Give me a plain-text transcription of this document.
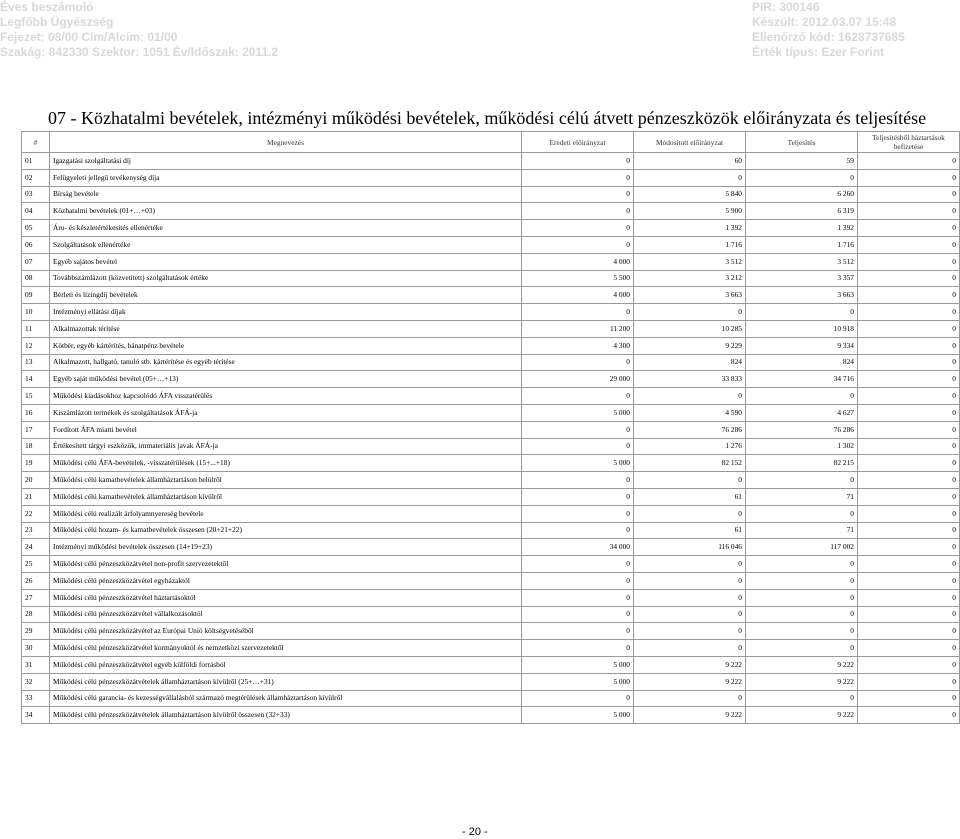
Éves beszámoló
Legfőbb Ügyészség
Fejezet: 08/00 Cím/Alcím: 01/00
Szakág: 842330 Szektor: 1051 Év/Időszak: 2011.2
PIR: 300146
Készült: 2012.03.07 15:48
Ellenőrző kód: 1628737685
Érték típus: Ezer Forint
07 - Közhatalmi bevételek, intézményi működési bevételek, működési célú átvett pénzeszközök előirányzata és teljesítése
#	Megnevezés	Eredeti előirányzat	Módosított előirányzat	Teljesítés	Teljesítésből háztartások befizetése
01	Igazgatási szolgáltatási díj	0	60	59	0
02	Felügyeleti jellegű tevékenység díja	0	0	0	0
03	Bírság bevétele	0	5 840	6 260	0
04	Közhatalmi bevételek (01+…+03)	0	5 900	6 319	0
05	Áru- és készletértékesítés ellenértéke	0	1 392	1 392	0
06	Szolgáltatások ellenértéke	0	1 716	1 716	0
07	Egyéb sajátos bevétel	4 000	3 512	3 512	0
08	Továbbszámlázott (közvetített) szolgáltatások értéke	5 500	3 212	3 357	0
09	Bérleti és lízingdíj bevételek	4 000	3 663	3 663	0
10	Intézményi ellátási díjak	0	0	0	0
11	Alkalmazottak térítése	11 200	10 285	10 918	0
12	Kötbér, egyéb kártérítés, bánatpénz bevétele	4 300	9 229	9 334	0
13	Alkalmazott, hallgató, tanuló stb. kártérítése és egyéb térítése	0	824	824	0
14	Egyéb saját működési bevétel (05+…+13)	29 000	33 833	34 716	0
15	Működési kiadásokhoz kapcsolódó ÁFA visszatérülés	0	0	0	0
16	Kiszámlázott termékek és szolgáltatások ÁFÁ-ja	5 000	4 590	4 627	0
17	Fordított ÁFA miatti bevétel	0	76 286	76 286	0
18	Értékesített tárgyi eszközök, immateriális javak ÁFÁ-ja	0	1 276	1 302	0
19	Működési célú ÁFA-bevételek, -visszatérülések (15+...+18)	5 000	82 152	82 215	0
20	Működési célú kamatbevételek államháztartáson belülről	0	0	0	0
21	Működési célú kamatbevételek államháztartáson kívülről	0	61	71	0
22	Működési célú realizált árfolyamnyereség bevétele	0	0	0	0
23	Működési célú hozam- és kamatbevételek összesen (20+21+22)	0	61	71	0
24	Intézményi működési bevételek összesen (14+19+23)	34 000	116 046	117 002	0
25	Működési célú pénzeszközátvétel non-profit szervezetektől	0	0	0	0
26	Működési célú pénzeszközátvétel egyházaktól	0	0	0	0
27	Működési célú pénzeszközátvétel háztartásoktól	0	0	0	0
28	Működési célú pénzeszközátvétel vállalkozásoktól	0	0	0	0
29	Működési célú pénzeszközátvétel az Európai Unió költségvetéséből	0	0	0	0
30	Működési célú pénzeszközátvétel kormányoktól és nemzetközi szervezetektől	0	0	0	0
31	Működési célú pénzeszközátvétel egyéb külföldi forrásból	5 000	9 222	9 222	0
32	Működési célú pénzeszközátvételek államháztartáson kívülről (25+…+31)	5 000	9 222	9 222	0
33	Működési célú garancia- és kezességvállalásból származó megtérülések államháztartáson kívülről	0	0	0	0
34	Működési célú pénzeszközátvételek államháztartáson kívülről összesen (32+33)	5 000	9 222	9 222	0
- 20 -
